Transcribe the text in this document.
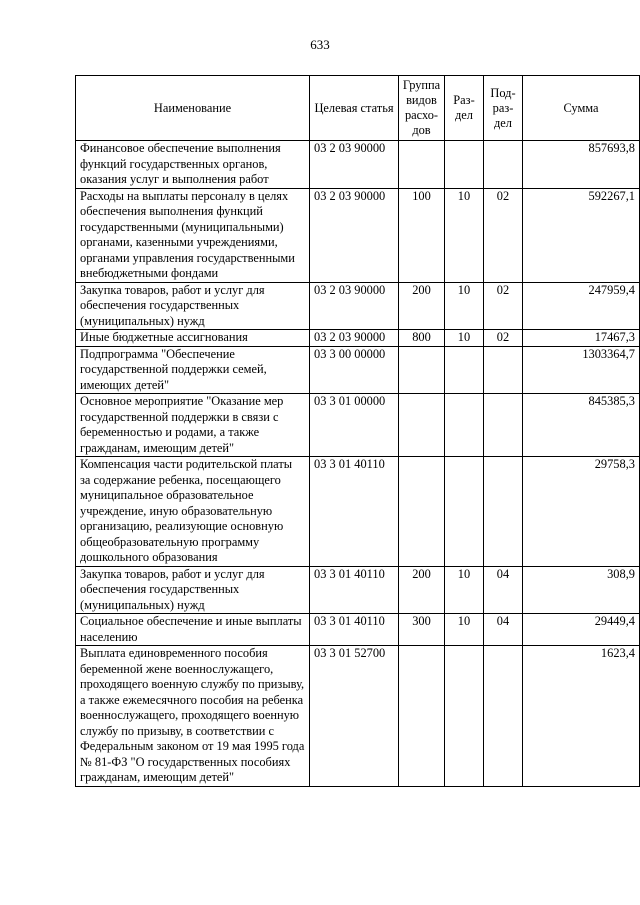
633
Наименование	Целевая статья	Группа видов расхо-дов	Раз-дел	Под-раз-дел	Сумма
Финансовое обеспечение выполнения функций государственных органов, оказания услуг и выполнения работ	03 2 03 90000				857693,8
Расходы на выплаты персоналу в целях обеспечения выполнения функций государственными (муниципальными) органами, казенными учреждениями, органами управления государственными внебюджетными фондами	03 2 03 90000	100	10	02	592267,1
Закупка товаров, работ и услуг для обеспечения государственных (муниципальных) нужд	03 2 03 90000	200	10	02	247959,4
Иные бюджетные ассигнования	03 2 03 90000	800	10	02	17467,3
Подпрограмма "Обеспечение государственной поддержки семей, имеющих детей"	03 3 00 00000				1303364,7
Основное мероприятие "Оказание мер государственной поддержки в связи с беременностью и родами, а также гражданам, имеющим детей"	03 3 01 00000				845385,3
Компенсация части родительской платы за содержание ребенка, посещающего муниципальное образовательное учреждение, иную образовательную организацию, реализующие основную общеобразовательную программу дошкольного образования	03 3 01 40110				29758,3
Закупка товаров, работ и услуг для обеспечения государственных (муниципальных) нужд	03 3 01 40110	200	10	04	308,9
Социальное обеспечение и иные выплаты населению	03 3 01 40110	300	10	04	29449,4
Выплата единовременного пособия беременной жене военнослужащего, проходящего военную службу по призыву, а также ежемесячного пособия на ребенка военнослужащего, проходящего военную службу по призыву, в соответствии с Федеральным законом от 19 мая 1995 года № 81-ФЗ "О государственных пособиях гражданам, имеющим детей"	03 3 01 52700				1623,4
